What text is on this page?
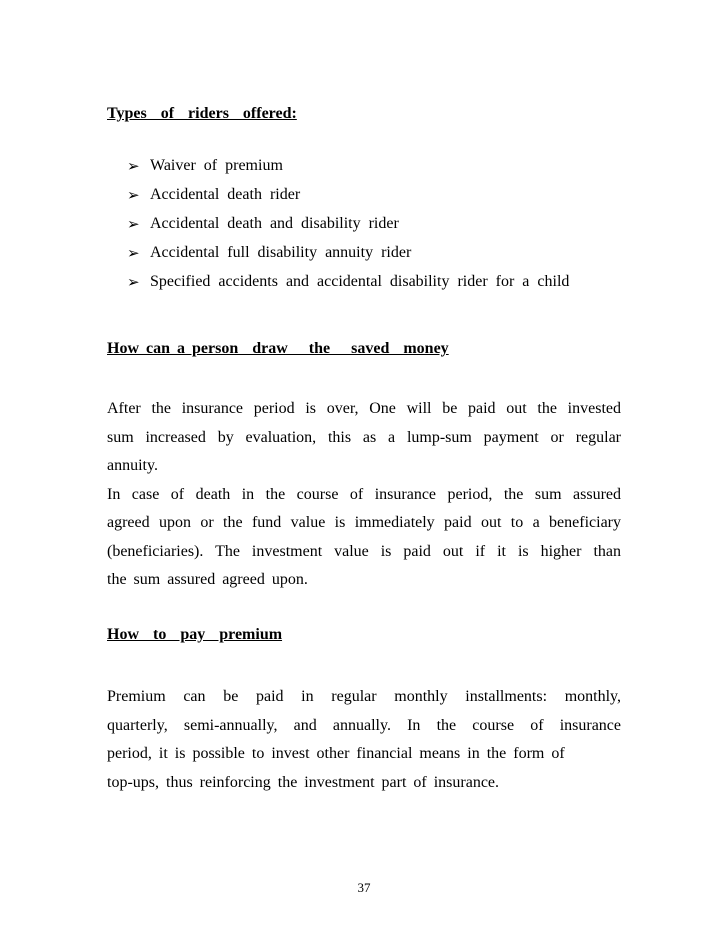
Types  of  riders  offered:
➢ Waiver of premium
➢ Accidental death rider
➢ Accidental death and disability rider
➢ Accidental full disability annuity rider
➢ Specified accidents and accidental disability rider for a child
How can a person  draw   the   saved  money
After the insurance period is over, One will be paid out the invested
sum increased by evaluation, this as a lump-sum payment or regular
annuity.
In case of death in the course of insurance period, the sum assured
agreed upon or the fund value is immediately paid out to a beneficiary
(beneficiaries). The investment value is paid out if it is higher than
the sum assured agreed upon.
How  to  pay  premium
Premium can be paid in regular monthly installments: monthly,
quarterly, semi-annually, and annually. In the course of insurance
period, it is possible to invest other financial means in the form of
top-ups, thus reinforcing the investment part of insurance.
37
